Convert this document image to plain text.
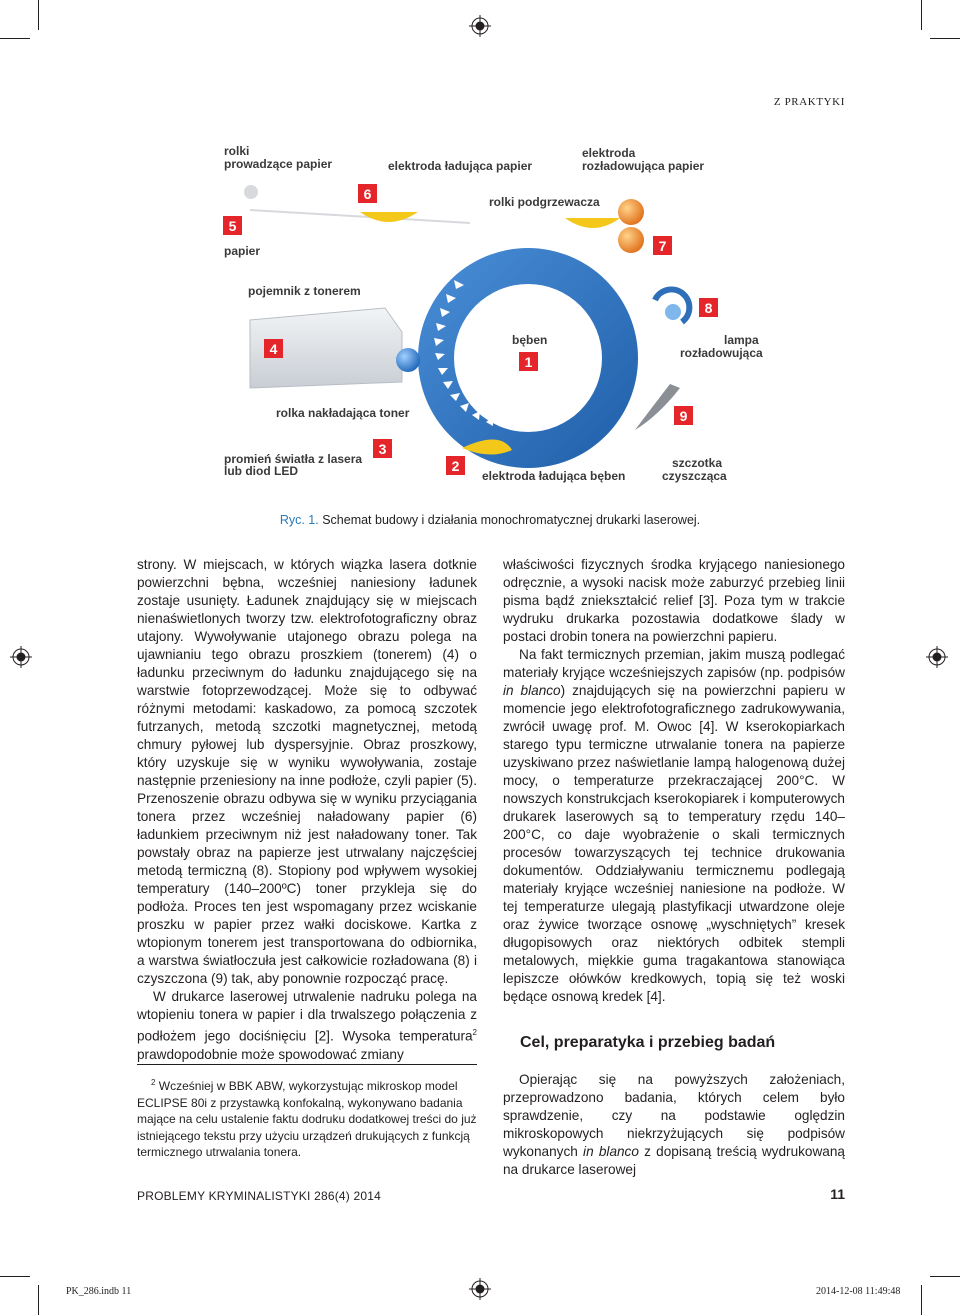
Z PRAKTYKI
1
2
3
4
5
6
7
8
9
rolki
prowadzące papier	elektroda ładująca papier
elektroda
rozładowująca papier
rolki podgrzewacza
papier
pojemnik z tonerem
bęben	lampa
rozładowująca
rolka nakładająca toner
promień światła z lasera
lub diod LED	elektroda ładująca bęben
szczotka
czyszcząca
Ryc. 1. Schemat budowy i działania monochromatycznej drukarki laserowej.

strony. W miejscach, w których wiązka lasera dotknie powierzchni bębna, wcześniej naniesiony ładunek zostaje usunięty. Ładunek znajdujący się w miejscach nienaświetlonych tworzy tzw. elektrofotograficzny obraz utajony. Wywoływanie utajonego obrazu polega na ujawnianiu tego obrazu proszkiem (tonerem) (4) o ładunku przeciwnym do ładunku znajdującego się na warstwie fotoprzewodzącej. Może się to odbywać różnymi metodami: kaskadowo, za pomocą szczotek futrzanych, metodą szczotki magnetycznej, metodą chmury pyłowej lub dyspersyjnie. Obraz proszkowy, który uzyskuje się w wyniku wywoływania, zostaje następnie przeniesiony na inne podłoże, czyli papier (5). Przenoszenie obrazu odbywa się w wyniku przyciągania tonera przez wcześniej naładowany papier (6) ładunkiem przeciwnym niż jest naładowany toner. Tak powstały obraz na papierze jest utrwalany najczęściej metodą termiczną (8). Stopiony pod wpływem wysokiej temperatury (140–200ºC) toner przykleja się do podłoża. Proces ten jest wspomagany przez wciskanie proszku w papier przez wałki dociskowe. Kartka z wtopionym tonerem jest transportowana do odbiornika, a warstwa światłoczuła jest całkowicie rozładowana (8) i czyszczona (9) tak, aby ponownie rozpocząć pracę.

W drukarce laserowej utrwalenie nadruku polega na wtopieniu tonera w papier i dla trwalszego połączenia z podłożem jego dociśnięciu [2]. Wysoka temperatura$^2$ prawdopodobnie może spowodować zmiany

właściwości fizycznych środka kryjącego naniesionego odręcznie, a wysoki nacisk może zaburzyć przebieg linii pisma bądź zniekształcić relief [3]. Poza tym w trakcie wydruku drukarka pozostawia dodatkowe ślady w postaci drobin tonera na powierzchni papieru.

Na fakt termicznych przemian, jakim muszą podlegać materiały kryjące wcześniejszych zapisów (np. podpisów in blanco) znajdujących się na powierzchni papieru w momencie jego elektrofotograficznego zadrukowywania, zwrócił uwagę prof. M. Owoc [4]. W kserokopiarkach starego typu termiczne utrwalanie tonera na papierze uzyskiwano przez naświetlanie lampą halogenową dużej mocy, o temperaturze przekraczającej 200°C. W nowszych konstrukcjach kserokopiarek i komputerowych drukarek laserowych są to temperatury rzędu 140–200°C, co daje wyobrażenie o skali termicznych procesów towarzyszących tej technice drukowania dokumentów. Oddziaływaniu termicznemu podlegają materiały kryjące wcześniej naniesione na podłoże. W tej temperaturze ulegają plastyfikacji utwardzone oleje oraz żywice tworzące osnowę „wyschniętych” kresek długopisowych oraz niektórych odbitek stempli metalowych, miękkie guma tragakantowa stanowiąca lepiszcze ołówków kredkowych, topią się też woski będące osnową kredek [4].

Cel, preparatyka i przebieg badań

Opierając się na powyższych założeniach, przeprowadzono badania, których celem było sprawdzenie, czy na podstawie oględzin mikroskopowych niekrzyżujących się podpisów wykonanych in blanco z dopisaną treścią wydrukowaną na drukarce laserowej

$^2$ Wcześniej w BBK ABW, wykorzystując mikroskop model ECLIPSE 80i z przystawką konfokalną, wykonywano badania mające na celu ustalenie faktu dodruku dodatkowej treści do już istniejącego tekstu przy użyciu urządzeń drukujących z funkcją termicznego utrwalania tonera.

PROBLEMY KRYMINALISTYKI 286(4) 2014	11
PK_286.indb 11	2014-12-08 11:49:48
